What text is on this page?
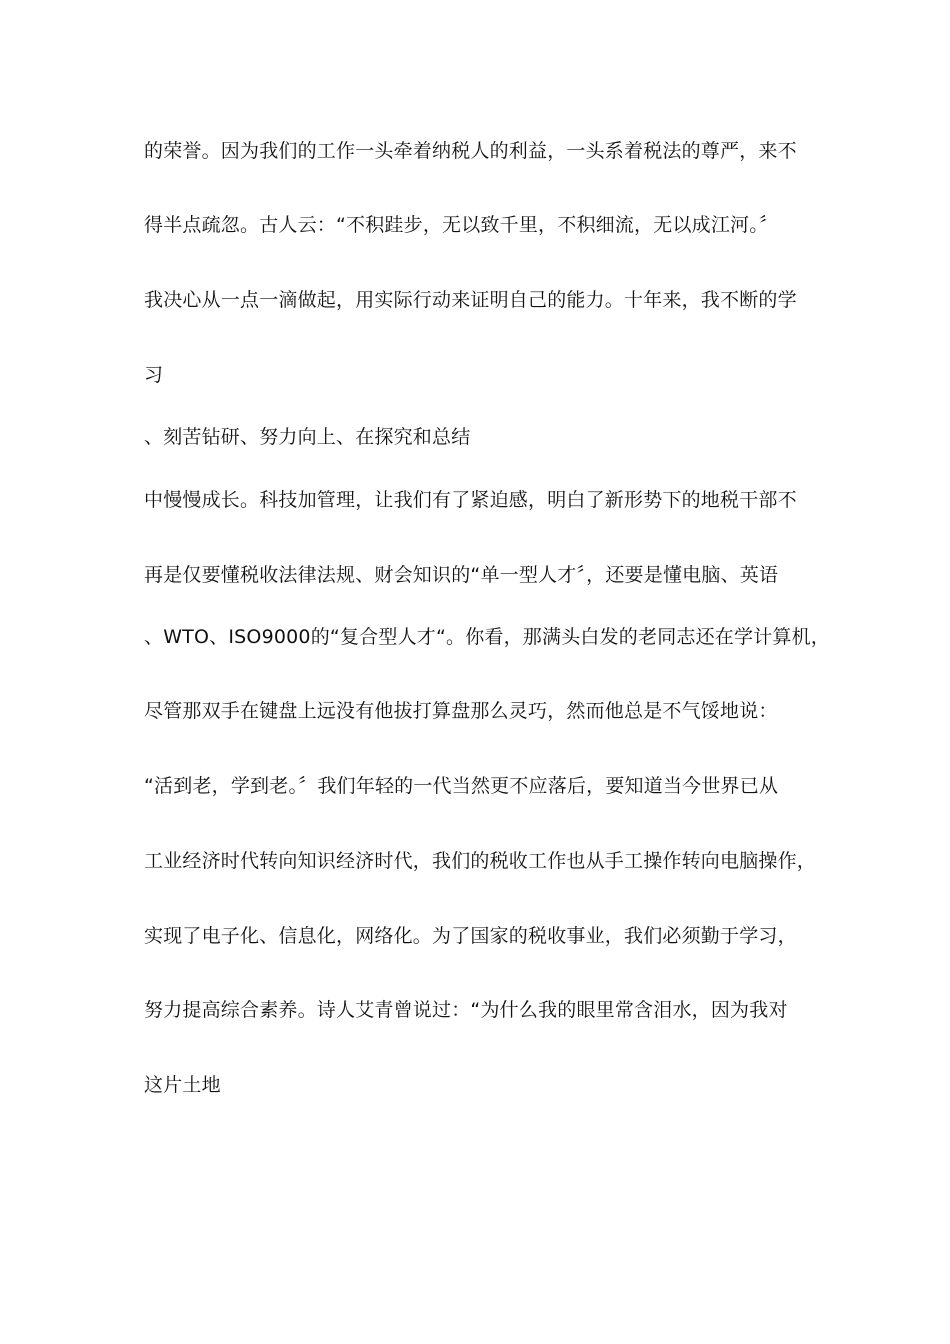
的荣誉。因为我们的工作一头牵着纳税人的利益，一头系着税法的尊严，来不
得半点疏忽。古人云：“不积跬步，无以致千里，不积细流，无以成江河。〞
我决心从一点一滴做起，用实际行动来证明自己的能力。十年来，我不断的学
习
、刻苦钻研、努力向上、在探究和总结
中慢慢成长。科技加管理，让我们有了紧迫感，明白了新形势下的地税干部不
再是仅要懂税收法律法规、财会知识的“单一型人才〞，还要是懂电脑、英语
、WTO、ISO9000的“复合型人才“。你看，那满头白发的老同志还在学计算机，
尽管那双手在键盘上远没有他拔打算盘那么灵巧，然而他总是不气馁地说：
“活到老，学到老。〞我们年轻的一代当然更不应落后，要知道当今世界已从
工业经济时代转向知识经济时代，我们的税收工作也从手工操作转向电脑操作，
实现了电子化、信息化，网络化。为了国家的税收事业，我们必须勤于学习，
努力提高综合素养。诗人艾青曾说过：“为什么我的眼里常含泪水，因为我对
这片土地
